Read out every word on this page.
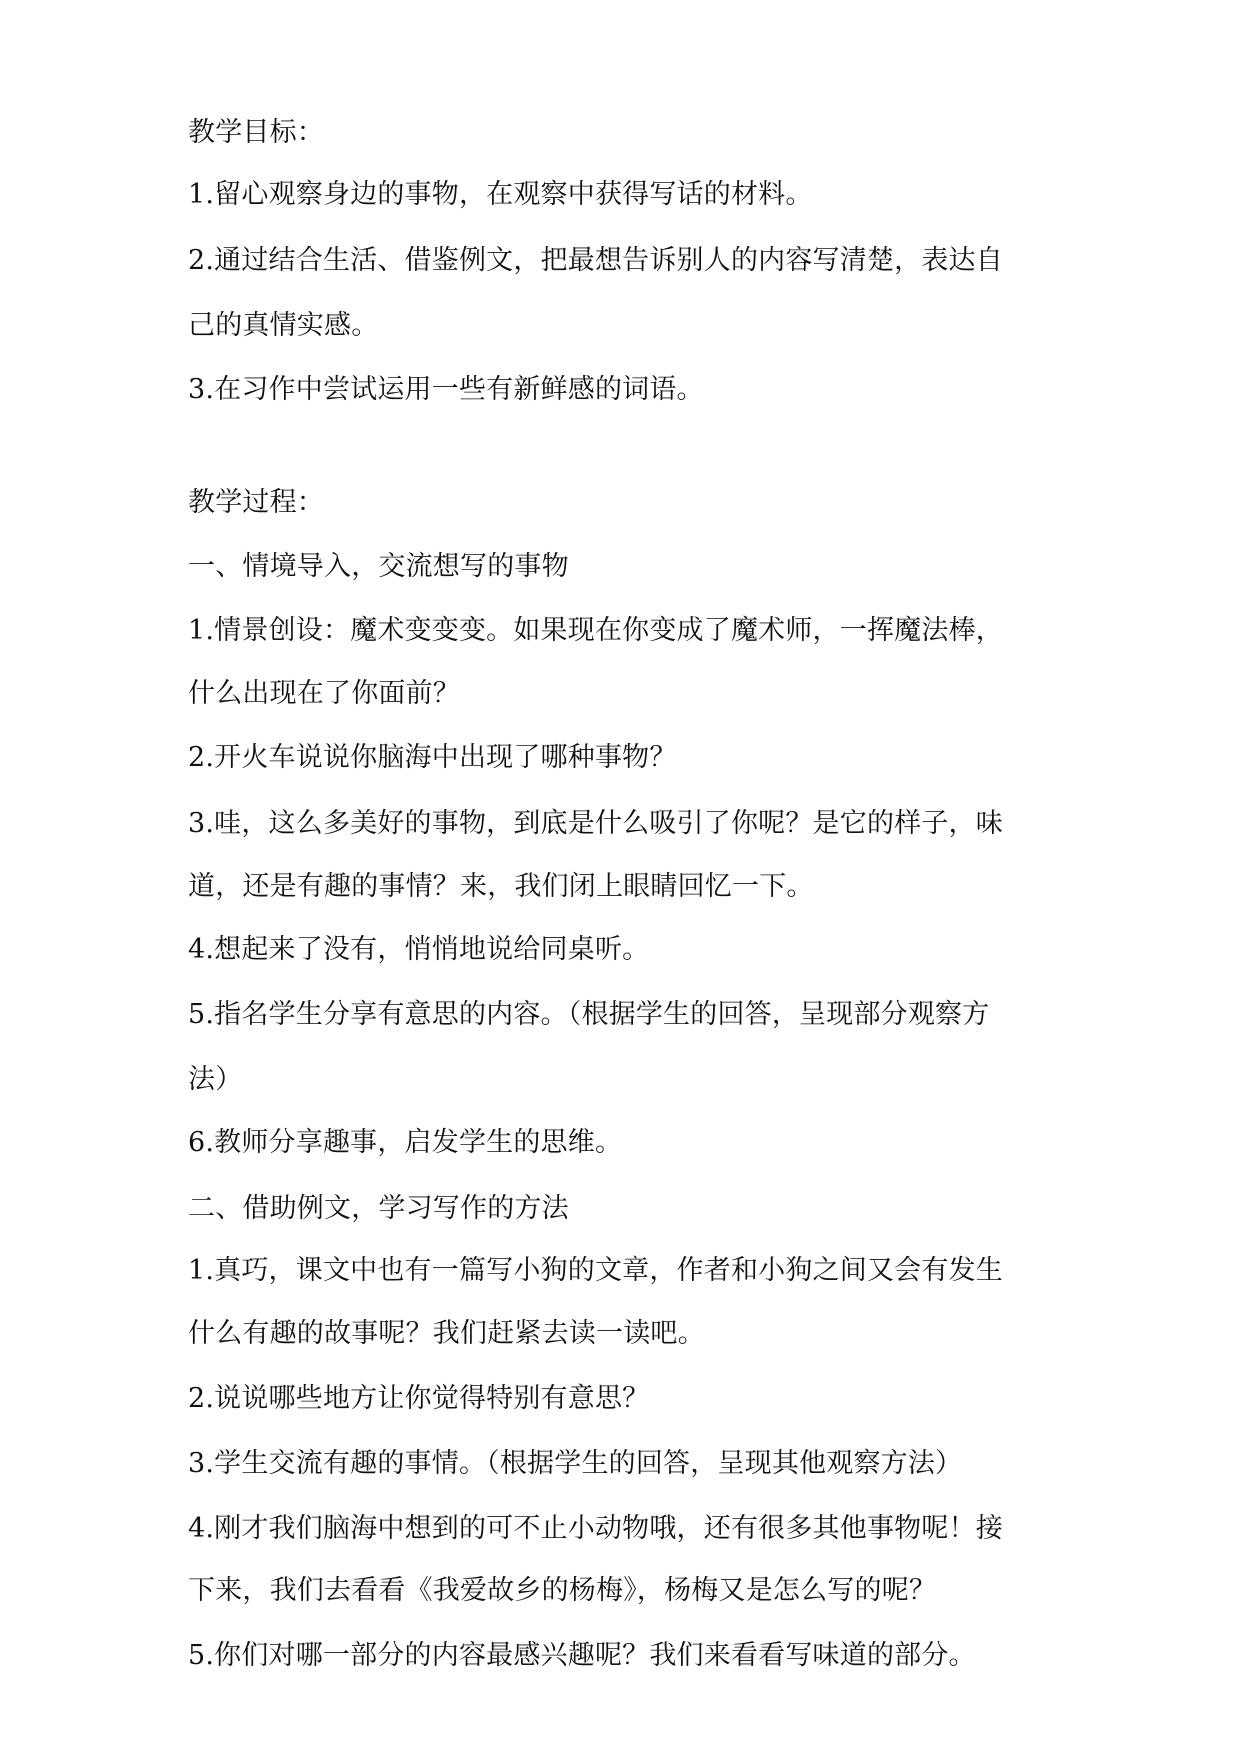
教学目标：
1.留心观察身边的事物，在观察中获得写话的材料。
2.通过结合生活、借鉴例文，把最想告诉别人的内容写清楚，表达自
己的真情实感。
3.在习作中尝试运用一些有新鲜感的词语。
教学过程：
一、情境导入，交流想写的事物
1.情景创设：魔术变变变。如果现在你变成了魔术师，一挥魔法棒，
什么出现在了你面前？
2.开火车说说你脑海中出现了哪种事物？
3.哇，这么多美好的事物，到底是什么吸引了你呢？是它的样子，味
道，还是有趣的事情？来，我们闭上眼睛回忆一下。
4.想起来了没有，悄悄地说给同桌听。
5.指名学生分享有意思的内容。（根据学生的回答，呈现部分观察方
法）
6.教师分享趣事，启发学生的思维。
二、借助例文，学习写作的方法
1.真巧，课文中也有一篇写小狗的文章，作者和小狗之间又会有发生
什么有趣的故事呢？我们赶紧去读一读吧。
2.说说哪些地方让你觉得特别有意思？
3.学生交流有趣的事情。（根据学生的回答，呈现其他观察方法）
4.刚才我们脑海中想到的可不止小动物哦，还有很多其他事物呢！接
下来，我们去看看《我爱故乡的杨梅》，杨梅又是怎么写的呢？
5.你们对哪一部分的内容最感兴趣呢？我们来看看写味道的部分。
